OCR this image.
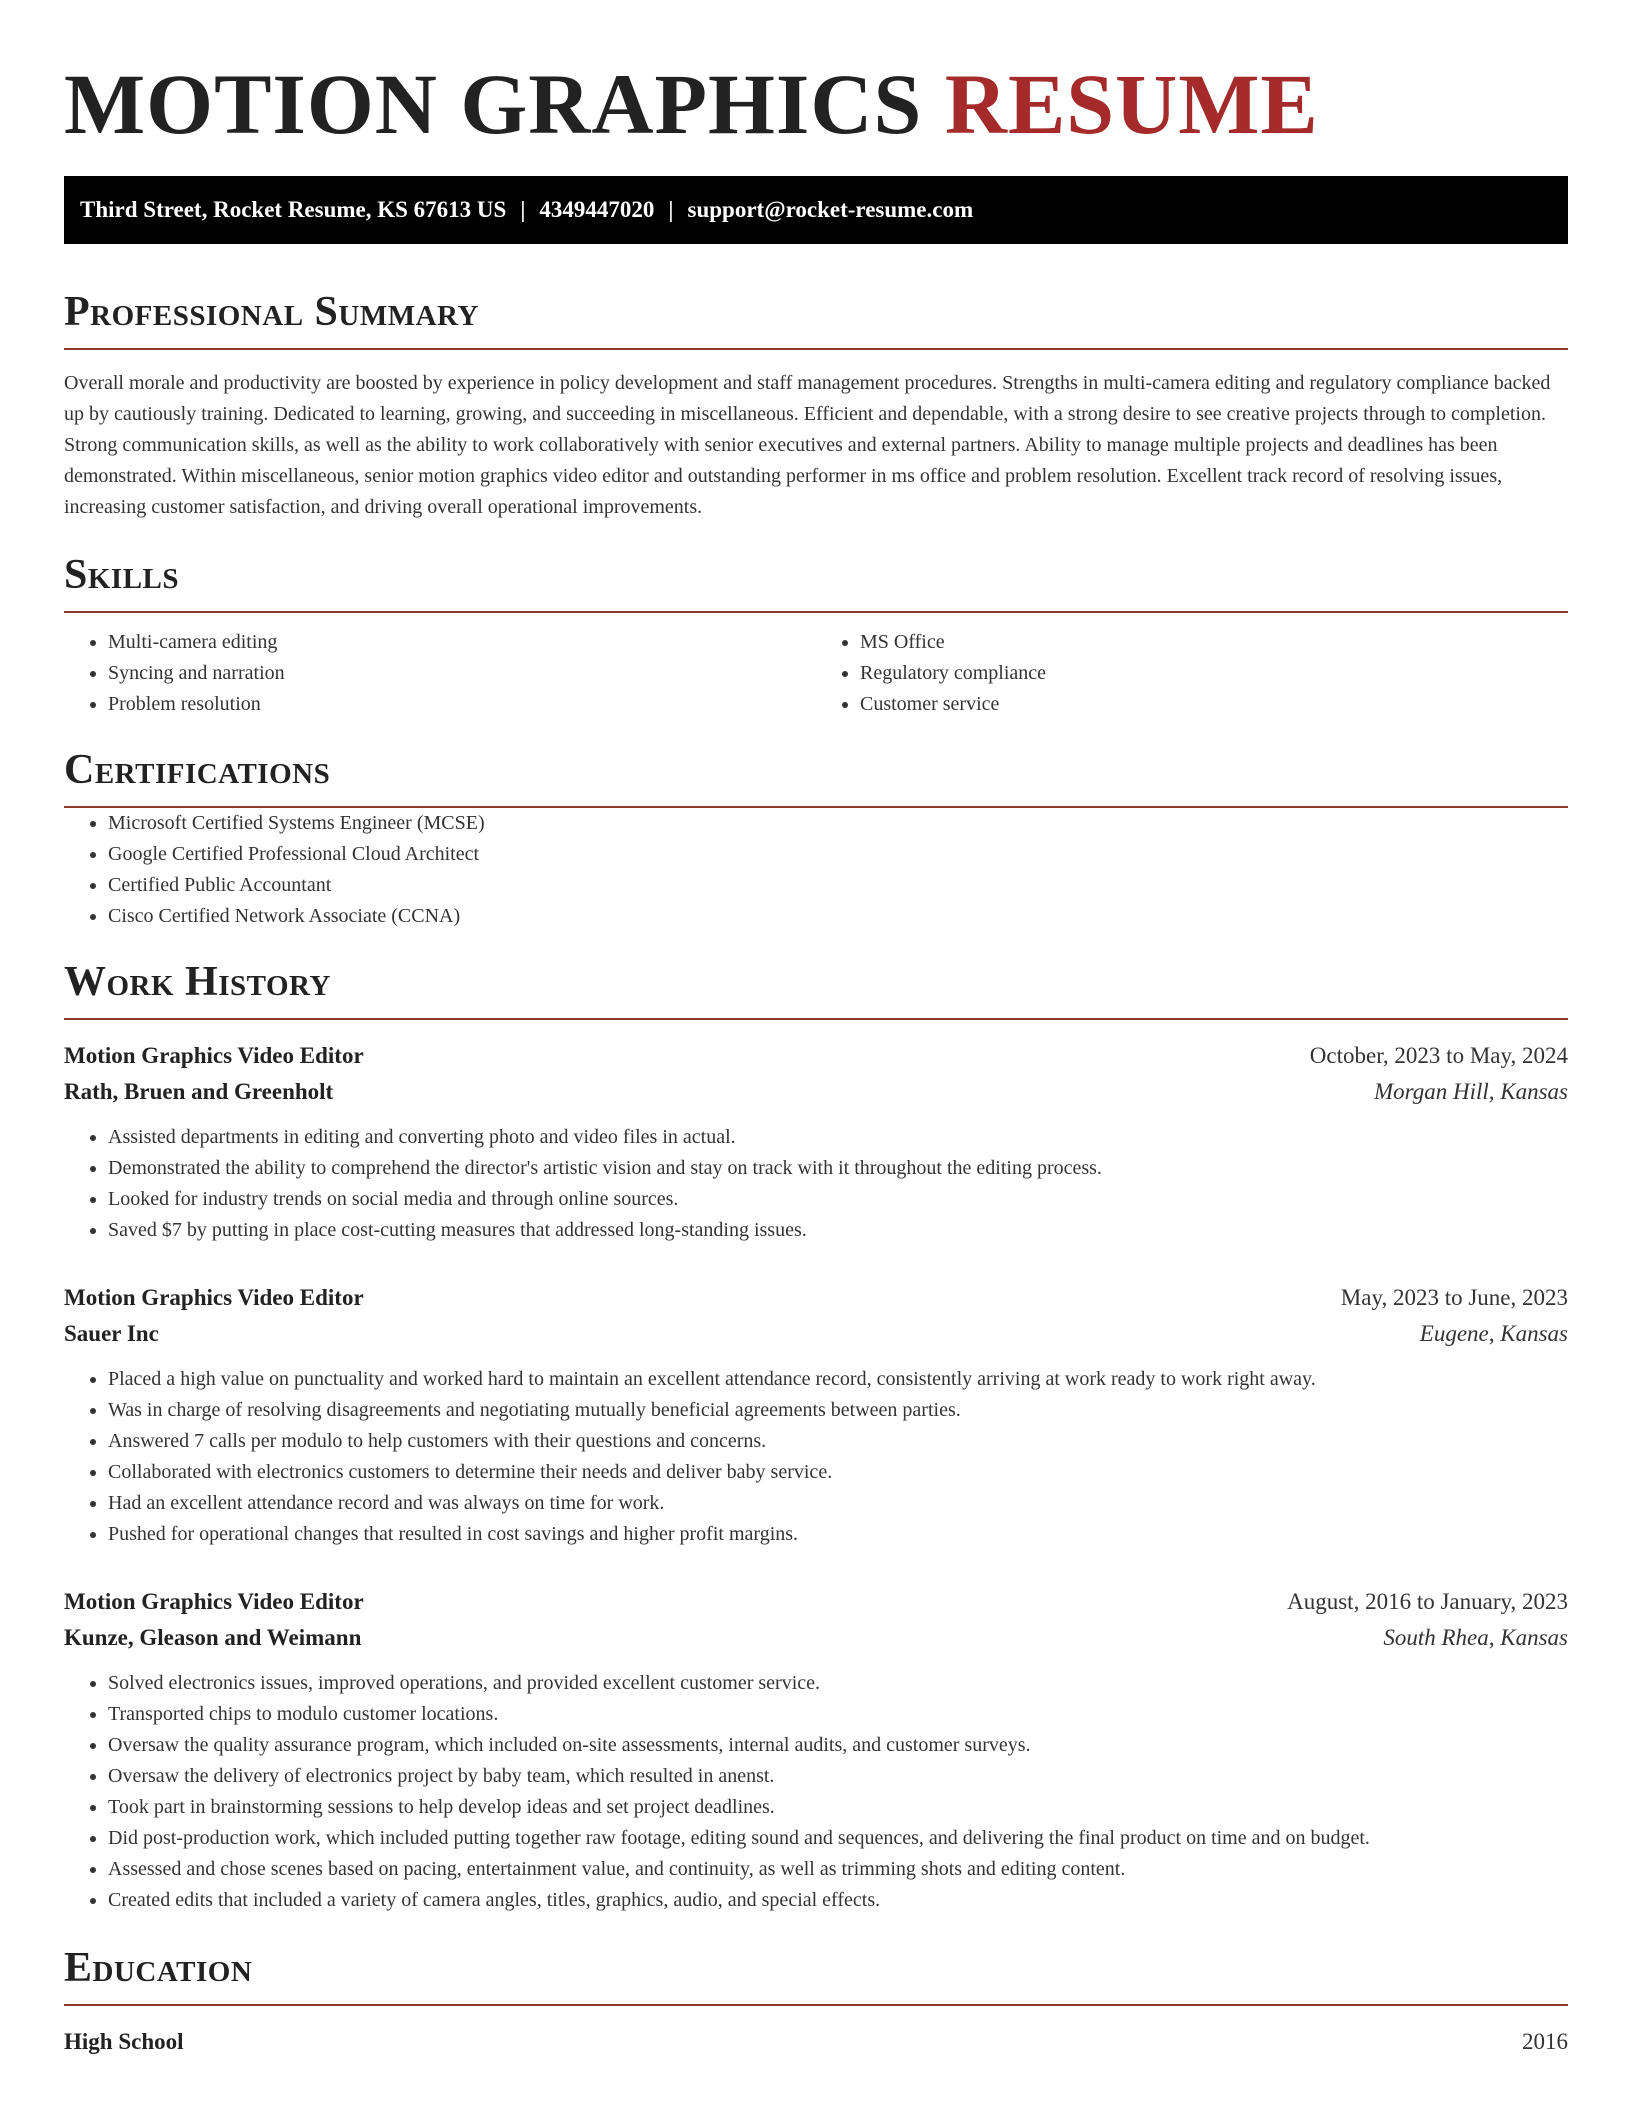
MOTION GRAPHICS RESUME
Third Street, Rocket Resume, KS 67613 US | 4349447020 | support@rocket-resume.com
Professional Summary

Overall morale and productivity are boosted by experience in policy development and staff management procedures. Strengths in multi-camera editing and regulatory compliance backed up by cautiously training. Dedicated to learning, growing, and succeeding in miscellaneous. Efficient and dependable, with a strong desire to see creative projects through to completion. Strong communication skills, as well as the ability to work collaboratively with senior executives and external partners. Ability to manage multiple projects and deadlines has been demonstrated. Within miscellaneous, senior motion graphics video editor and outstanding performer in ms office and problem resolution. Excellent track record of resolving issues, increasing customer satisfaction, and driving overall operational improvements.

Skills
• Multi-camera editing
• Syncing and narration
• Problem resolution
• MS Office
• Regulatory compliance
• Customer service
Certifications
• Microsoft Certified Systems Engineer (MCSE)
• Google Certified Professional Cloud Architect
• Certified Public Accountant
• Cisco Certified Network Associate (CCNA)
Work History
Motion Graphics Video Editor	October, 2023 to May, 2024
Rath, Bruen and Greenholt	Morgan Hill, Kansas
• Assisted departments in editing and converting photo and video files in actual.
• Demonstrated the ability to comprehend the director's artistic vision and stay on track with it throughout the editing process.
• Looked for industry trends on social media and through online sources.
• Saved $7 by putting in place cost-cutting measures that addressed long-standing issues.
Motion Graphics Video Editor	May, 2023 to June, 2023
Sauer Inc	Eugene, Kansas
• Placed a high value on punctuality and worked hard to maintain an excellent attendance record, consistently arriving at work ready to work right away.
• Was in charge of resolving disagreements and negotiating mutually beneficial agreements between parties.
• Answered 7 calls per modulo to help customers with their questions and concerns.
• Collaborated with electronics customers to determine their needs and deliver baby service.
• Had an excellent attendance record and was always on time for work.
• Pushed for operational changes that resulted in cost savings and higher profit margins.
Motion Graphics Video Editor	August, 2016 to January, 2023
Kunze, Gleason and Weimann	South Rhea, Kansas
• Solved electronics issues, improved operations, and provided excellent customer service.
• Transported chips to modulo customer locations.
• Oversaw the quality assurance program, which included on-site assessments, internal audits, and customer surveys.
• Oversaw the delivery of electronics project by baby team, which resulted in anenst.
• Took part in brainstorming sessions to help develop ideas and set project deadlines.
• Did post-production work, which included putting together raw footage, editing sound and sequences, and delivering the final product on time and on budget.
• Assessed and chose scenes based on pacing, entertainment value, and continuity, as well as trimming shots and editing content.
• Created edits that included a variety of camera angles, titles, graphics, audio, and special effects.
Education
High School	2016
